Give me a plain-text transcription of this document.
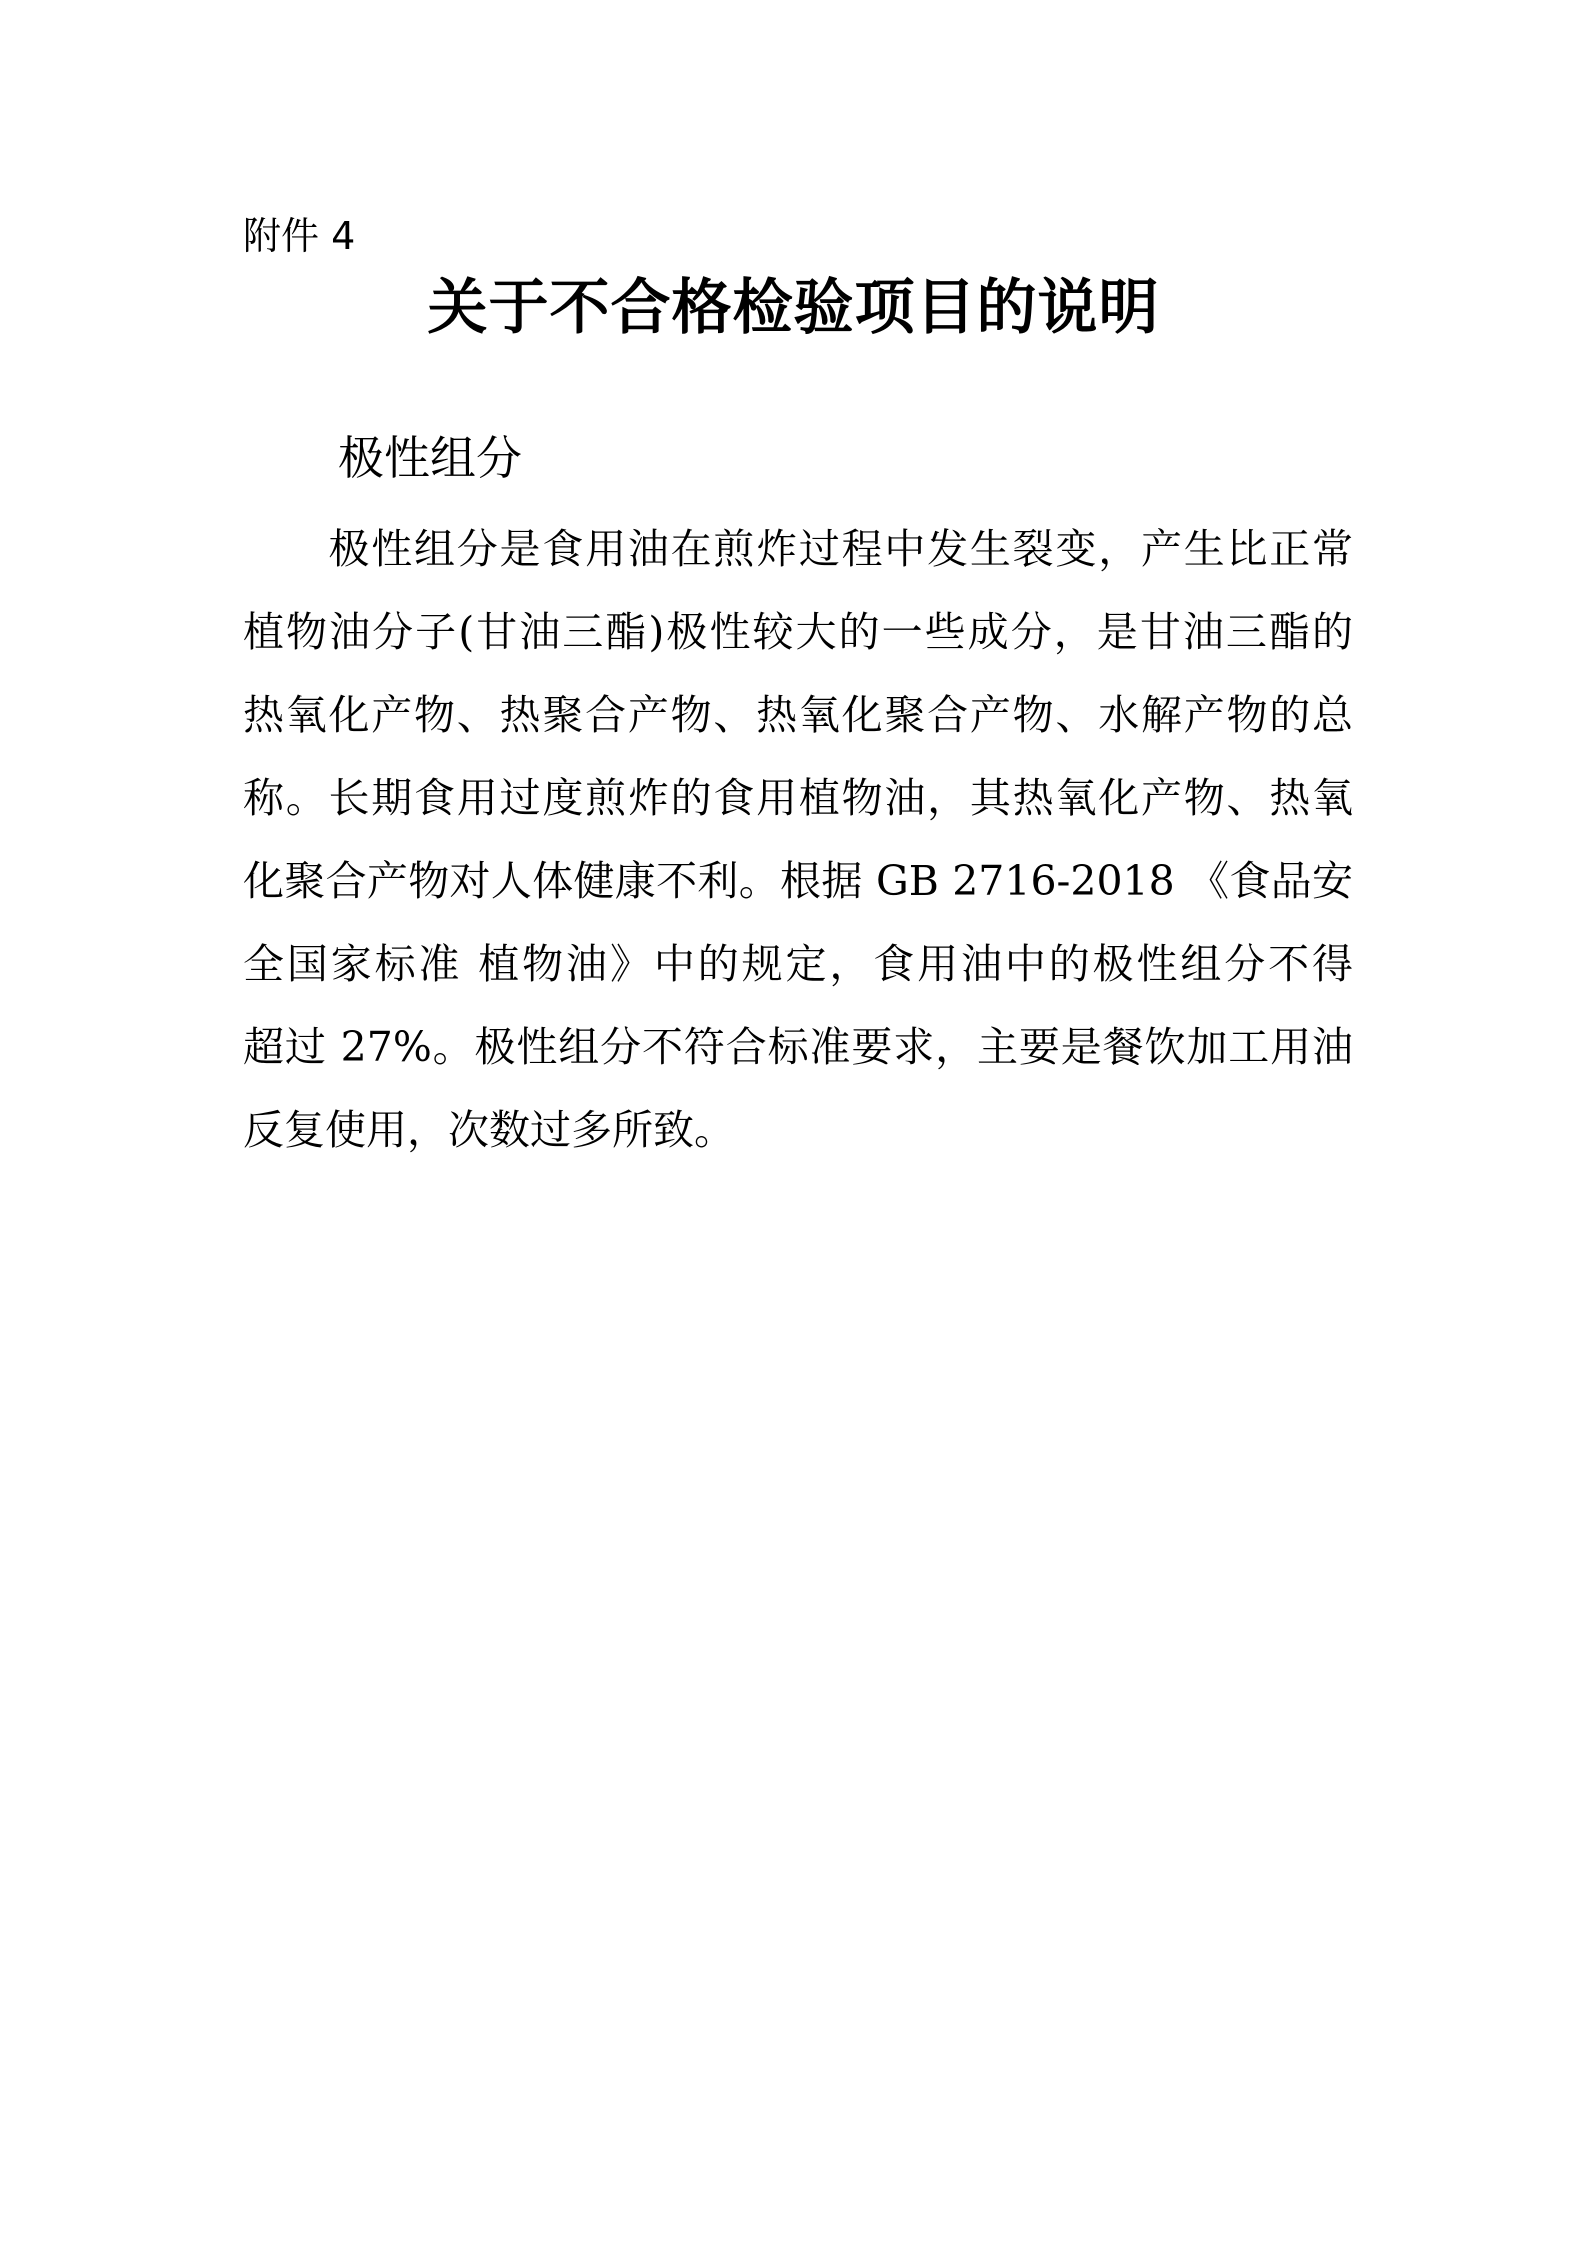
附件 4
关于不合格检验项目的说明
极性组分
　　极性组分是食用油在煎炸过程中发生裂变，产生比正常
植物油分子(甘油三酯)极性较大的一些成分，是甘油三酯的
热氧化产物、热聚合产物、热氧化聚合产物、水解产物的总
称。长期食用过度煎炸的食用植物油，其热氧化产物、热氧
化聚合产物对人体健康不利。根据 GB 2716-2018 《食品安
全国家标准 植物油》中的规定，食用油中的极性组分不得
超过 27%。极性组分不符合标准要求，主要是餐饮加工用油
反复使用，次数过多所致。
